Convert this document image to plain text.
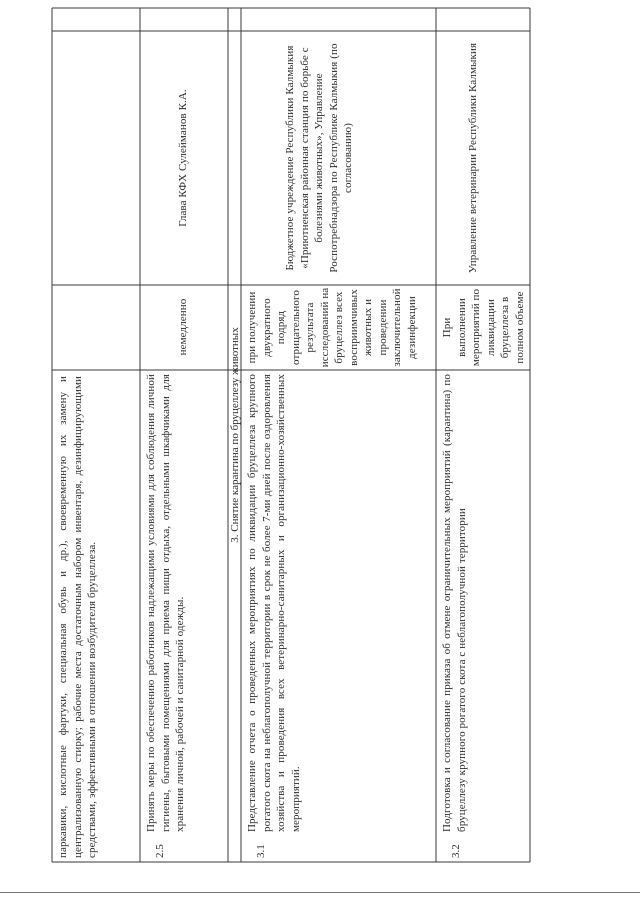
паркавики, кислотные фартуки, специальная обувь и др.), своевременную их замену и централизованную стирку; рабочие места достаточным набором инвентаря, дезинфицирующими средствами, эффективными в отношении возбудителя бруцеллеза.	2.5
Принять меры по обеспечению работников надлежащими условиями для соблюдения личной гигиены, бытовыми помещениями для приема пищи отдыха, отдельными шкафчиками для хранения личной, рабочей и санитарной одежды.
немедленно
Глава КФХ Сулейманов К.А.
3. Снятие карантина по бруцеллезу животных
3.1
Представление отчета о проведенных мероприятиях по ликвидации бруцеллеза крупного рогатого скота на неблагополучной территории в срок не более 7-ми дней после оздоровления хозяйства и проведения всех ветеринарно-санитарных и организационно-хозяйственных мероприятий.
при получении двукратного подряд отрицательного результата исследований на бруцеллез всех восприимчивых животных и проведении заключительной дезинфекции
Бюджетное учреждение Республики Калмыкия «Приютненская районная станция по борьбе с болезнями животных», Управление Роспотребнадзора по Республике Калмыкия (по согласованию)
3.2
Подготовка и согласование приказа об отмене ограничительных мероприятий (карантина) по бруцеллезу крупного рогатого скота с неблагополучной территории
При выполнении мероприятий по ликвидации бруцеллеза в полном объеме
Управление ветеринарии Республики Калмыкия
